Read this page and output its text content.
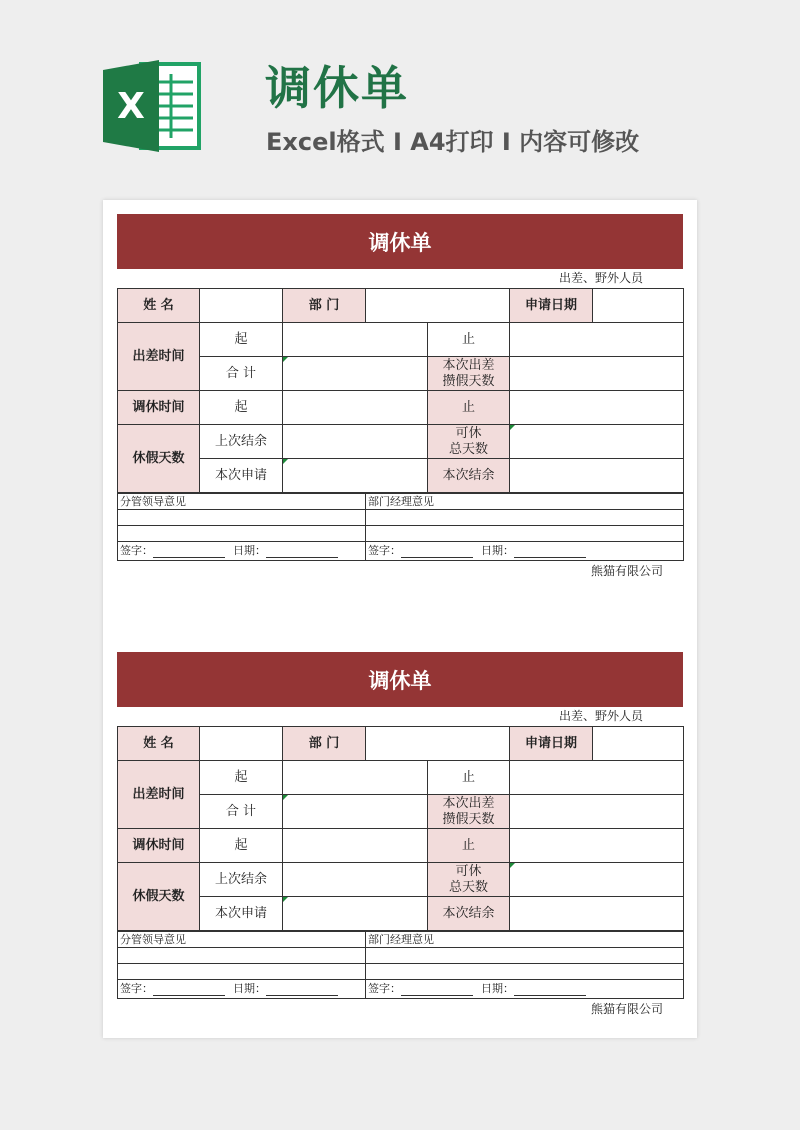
X	调休单
Excel格式 I A4打印 I 内容可修改
调休单
出差、野外人员
姓 名		部 门			申请日期	
出差时间	起			止		
	合 计			本次出差
攒假天数		
调休时间	起			止		
休假天数	上次结余			可休
总天数		
	本次申请			本次结余		
分管领导意见	部门经理意见

签字： 日期：	签字： 日期：
熊猫有限公司
调休单
出差、野外人员
姓 名		部 门			申请日期	
出差时间	起			止		
	合 计			本次出差
攒假天数		
调休时间	起			止		
休假天数	上次结余			可休
总天数		
	本次申请			本次结余		
分管领导意见	部门经理意见

签字： 日期：	签字： 日期：
熊猫有限公司
